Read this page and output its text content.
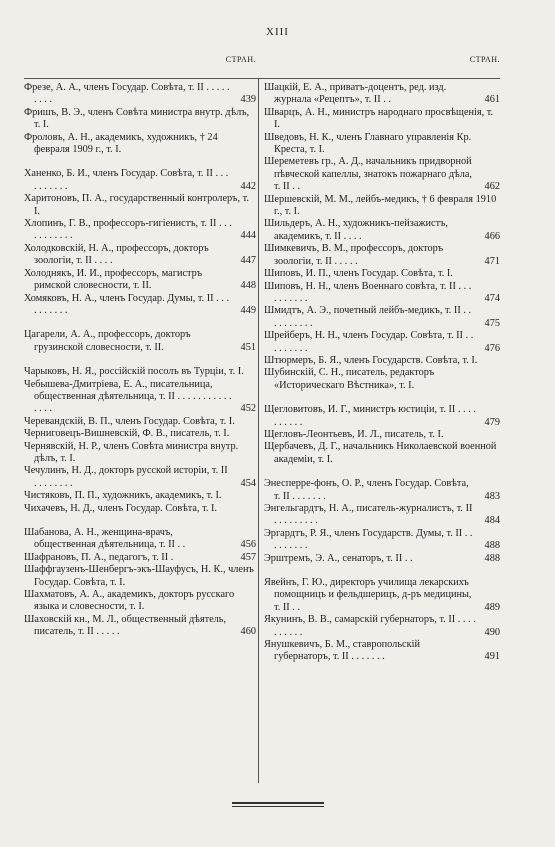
XIII
СТРАН.

Фрезе, А. А., членъ Государ. Совѣта, т. II . . . . . . . . .	439

Фришъ, В. Э., членъ Совѣта министра внутр. дѣлъ, т. I.

Фроловъ, А. Н., академикъ, художникъ, † 24 февраля 1909 г., т. I.

Ханенко, Б. И., членъ Государ. Совѣта, т. II . . . . . . . . . .	442

Харитоновъ, П. А., государственный контролеръ, т. I.

Хлопинъ, Г. В., профессоръ-гигіенистъ, т. II . . . . . . . . . . .	444

Холодковскій, Н. А., профессоръ, докторъ зоологіи, т. II . . . .	447

Холоднякъ, И. И., профессоръ, магистръ римской словесности, т. II.	448

Хомяковъ, Н. А., членъ Государ. Думы, т. II . . . . . . . . . .	449

Цагарели, А. А., профессоръ, докторъ грузинской словесности, т. II.	451

Чарыковъ, Н. Я., россійскій посолъ въ Турціи, т. I.

Чебышева-Дмитріева, Е. А., писательница, общественная дѣятельница, т. II . . . . . . . . . . . . . . .	452

Черевандскій, В. П., членъ Государ. Совѣта, т. I.

Черниговецъ-Вишневскій, Ф. В., писатель, т. I.

Чернявскій, Н. Р., членъ Совѣта министра внутр. дѣлъ, т. I.

Чечулинъ, Н. Д., докторъ русской исторіи, т. II . . . . . . . .	454

Чистяковъ, П. П., художникъ, академикъ, т. I.

Чихачевъ, Н. Д., членъ Государ. Совѣта, т. I.

Шабанова, А. Н., женщина-врачъ, общественная дѣятельница, т. II . .	456

Шафрановъ, П. А., педагогъ, т. II .	457

Шаффгаузенъ-Шенбергъ-экъ-Шауфусъ, Н. К., членъ Государ. Совѣта, т. I.

Шахматовъ, А. А., академикъ, докторъ русскаго языка и словесности, т. I.

Шаховскій кн., М. Л., общественный дѣятель, писатель, т. II . . . . .	460

СТРАН.

Шацкій, Е. А., приватъ-доцентъ, ред. изд. журнала «Рецептъ», т. II . .	461

Шварцъ, А. Н., министръ народнаго просвѣщенія, т. I.

Шведовъ, Н. К., членъ Главнаго управленія Кр. Креста, т. I.

Шереметевъ гр., А. Д., начальникъ придворной пѣвческой капеллы, знатокъ пожарнаго дѣла, т. II . .	462

Шершевскій, М. М., лейбъ-медикъ, † 6 февраля 1910 г., т. I.

Шильдеръ, А. Н., художникъ-пейзажистъ, академикъ, т. II . . . .	466

Шимкевичъ, В. М., профессоръ, докторъ зоологіи, т. II . . . . .	471

Шиповъ, И. П., членъ Государ. Совѣта, т. I.

Шиповъ, Н. Н., членъ Военнаго совѣта, т. II . . . . . . . . . .	474

Шмидтъ, А. Э., почетный лейбъ-медикъ, т. II . . . . . . . . . .	475

Шрейберъ, Н. Н., членъ Государ. Совѣта, т. II . . . . . . . . .	476

Штюрмеръ, Б. Я., членъ Государств. Совѣта, т. I.

Шубинскій, С. Н., писатель, редакторъ «Историческаго Вѣстника», т. I.

Щегловитовъ, И. Г., министръ юстиціи, т. II . . . . . . . . . .	479

Щегловъ-Леонтьевъ, И. Л., писатель, т. I.

Щербачевъ, Д. Г., начальникъ Николаевской военной академіи, т. I.

Энесперре-фонъ, О. Р., членъ Государ. Совѣта, т. II . . . . . . .	483

Энгельгардтъ, Н. А., писатель-журналистъ, т. II . . . . . . . . .	484

Эргардтъ, Р. Я., членъ Государств. Думы, т. II . . . . . . . . .	488

Эрштремъ, Э. А., сенаторъ, т. II . .	488

Явейнъ, Г. Ю., директоръ училища лекарскихъ помощницъ и фельдшерицъ, д-ръ медицины, т. II . .	489

Якунинъ, В. В., самарскій губернаторъ, т. II . . . . . . . . . .	490

Янушкевичъ, Б. М., ставропольскій губернаторъ, т. II . . . . . . .	491
